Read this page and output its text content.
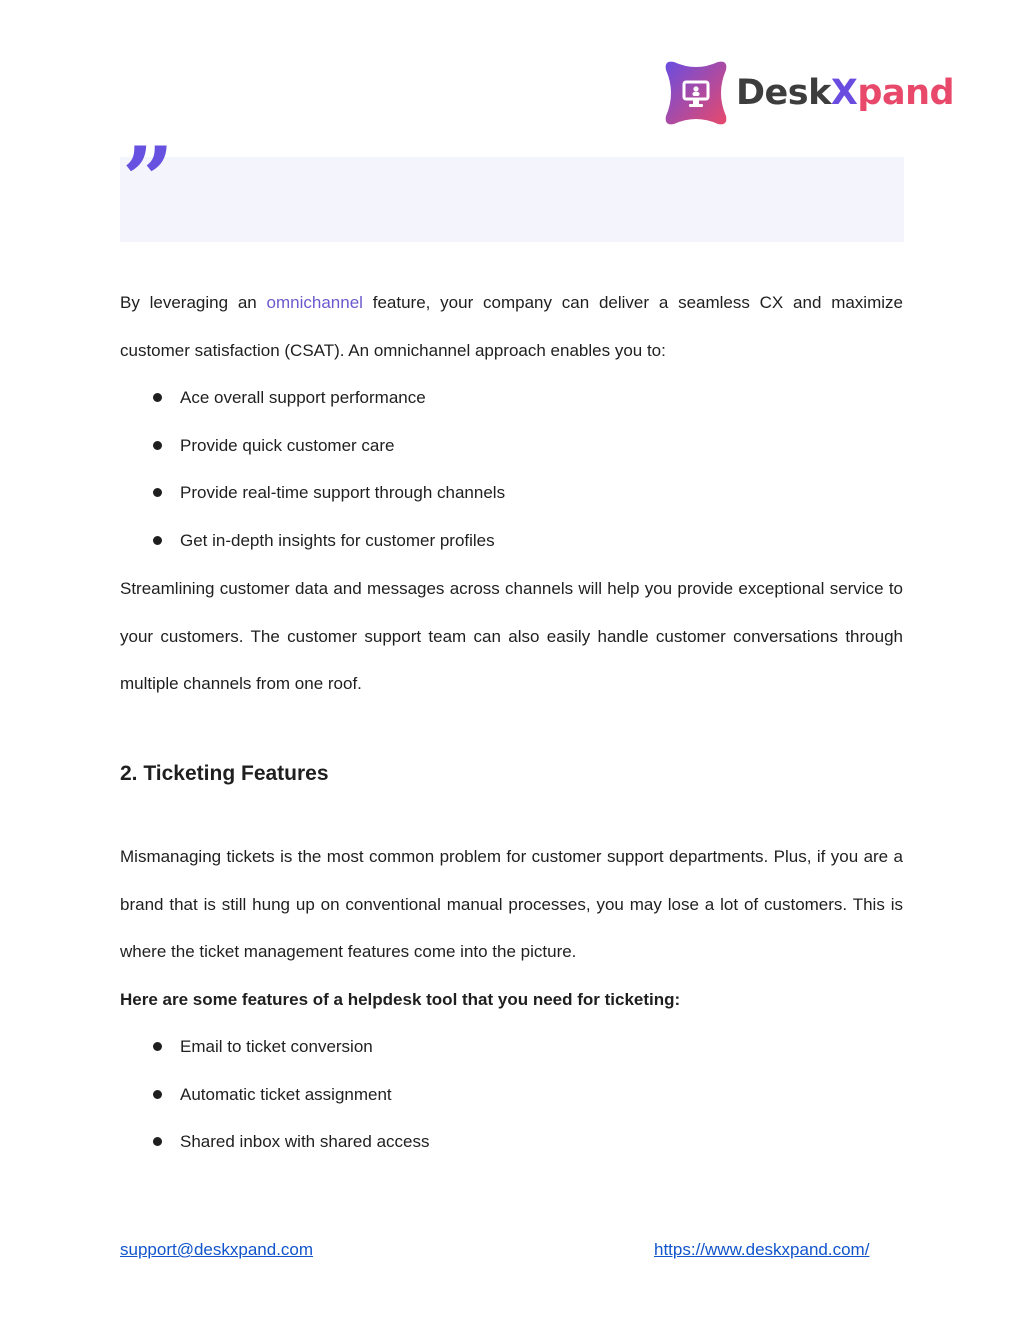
DeskXpand
”

By leveraging an omnichannel feature, your company can deliver a seamless CX and maximize customer satisfaction (CSAT). An omnichannel approach enables you to:

Ace overall support performance
Provide quick customer care
Provide real-time support through channels
Get in-depth insights for customer profiles

Streamlining customer data and messages across channels will help you provide exceptional service to your customers. The customer support team can also easily handle customer conversations through multiple channels from one roof.

2. Ticketing Features

Mismanaging tickets is the most common problem for customer support departments. Plus, if you are a brand that is still hung up on conventional manual processes, you may lose a lot of customers. This is where the ticket management features come into the picture.

Here are some features of a helpdesk tool that you need for ticketing:

Email to ticket conversion
Automatic ticket assignment
Shared inbox with shared access
support@deskxpand.com	https://www.deskxpand.com/
